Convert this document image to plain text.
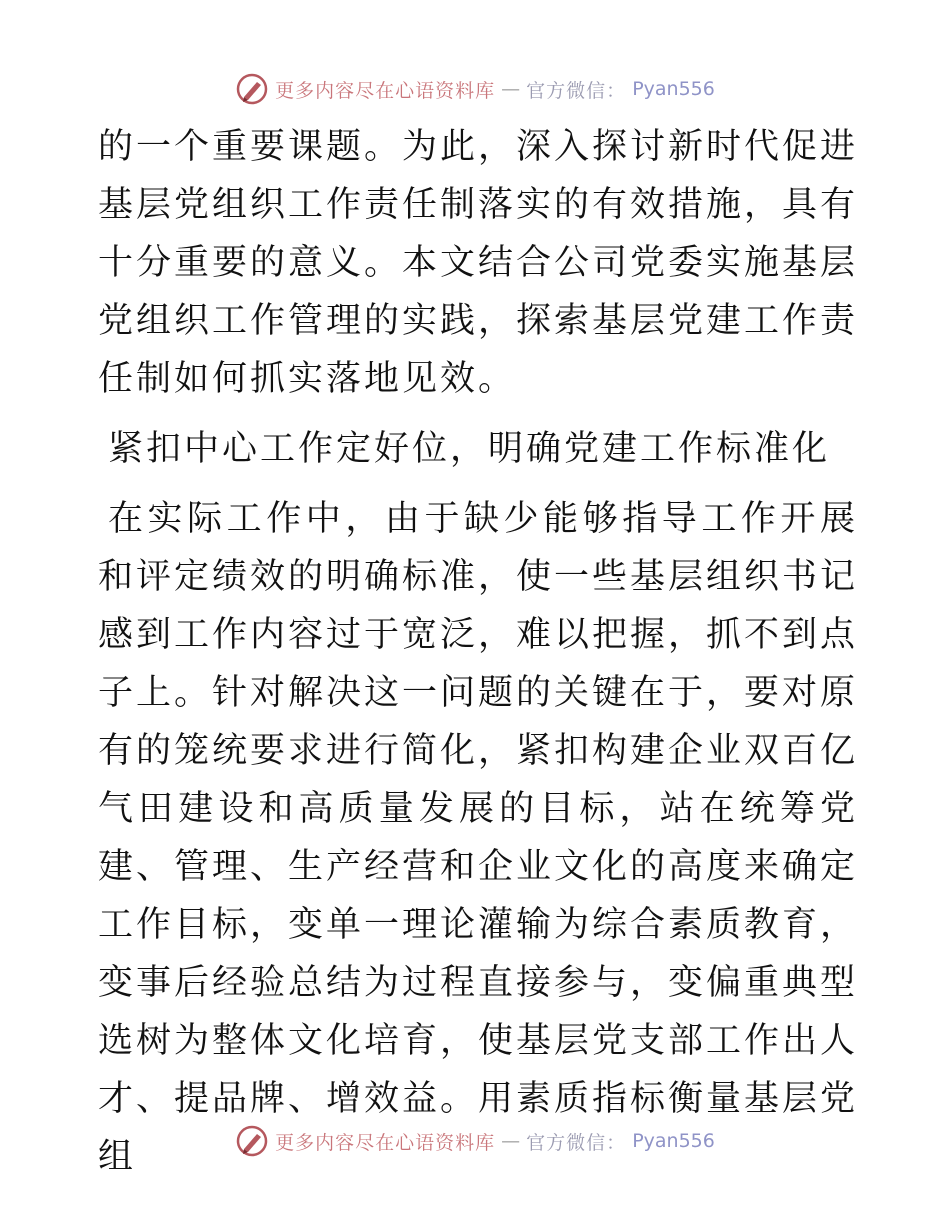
更多内容尽在心语资料库 — 官方微信： Pyan556

的一个重要课题。为此，深入探讨新时代促进基层党组织工作责任制落实的有效措施，具有十分重要的意义。本文结合公司党委实施基层党组织工作管理的实践，探索基层党建工作责任制如何抓实落地见效。

紧扣中心工作定好位，明确党建工作标准化

在实际工作中，由于缺少能够指导工作开展和评定绩效的明确标准，使一些基层组织书记感到工作内容过于宽泛，难以把握，抓不到点子上。针对解决这一问题的关键在于，要对原有的笼统要求进行简化，紧扣构建企业双百亿气田建设和高质量发展的目标，站在统筹党建、管理、生产经营和企业文化的高度来确定工作目标，变单一理论灌输为综合素质教育，变事后经验总结为过程直接参与，变偏重典型选树为整体文化培育，使基层党支部工作出人才、提品牌、增效益。用素质指标衡量基层党组	更多内容尽在心语资料库 — 官方微信： Pyan556
